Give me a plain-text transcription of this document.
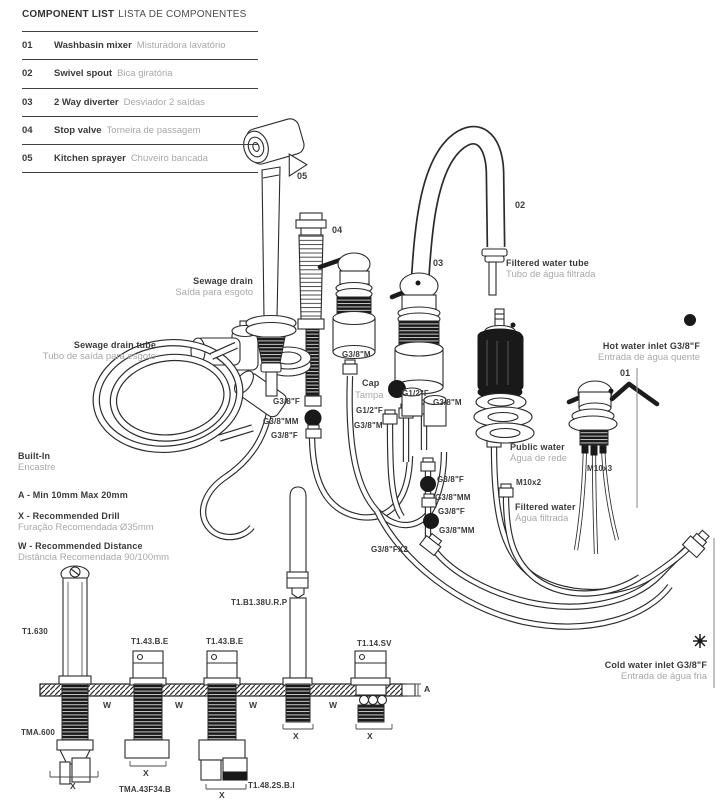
COMPONENT LIST LISTA DE COMPONENTES
01	Washbasin mixer Misturadora lavatório
02	Swivel spout Bica giratória
03	2 Way diverter Desviador 2 saídas
04	Stop valve Torneira de passagem
05	Kitchen sprayer Chuveiro bancada
05
04
02
03
01
Sewage drain
Saída para esgoto
Sewage drain tube
Tubo de saída para esgoto
Filtered water tube
Tubo de água filtrada
Hot water inlet G3/8"F
Entrada de água quente
Cold water inlet G3/8"F
Entrada de água fria
Public water
Água de rede
Filtered water
Água filtrada
Built-In
Encastre
Cap
Tampa
A - Min 10mm Max 20mm
X - Recommended Drill
Furação Recomendada Ø35mm
W - Recommended Distance
Distância Recomendada 90/100mm
G3/8"M
G1/2"F
G3/8"M
G1/2"F
G3/8"M
G3/8"F
G3/8"MM
G3/8"F
G3/8"F
G3/8"MM
G3/8"F
G3/8"MM
G3/8"FX2
M10x2
M10x3
T1.630
T1.43.B.E	T1.43.B.E
T1.B1.38U.R.P
T1.14.SV
TMA.600
TMA.43F34.B	T1.48.2S.B.I
W	W	W	W
X
X
X
X	X
A
